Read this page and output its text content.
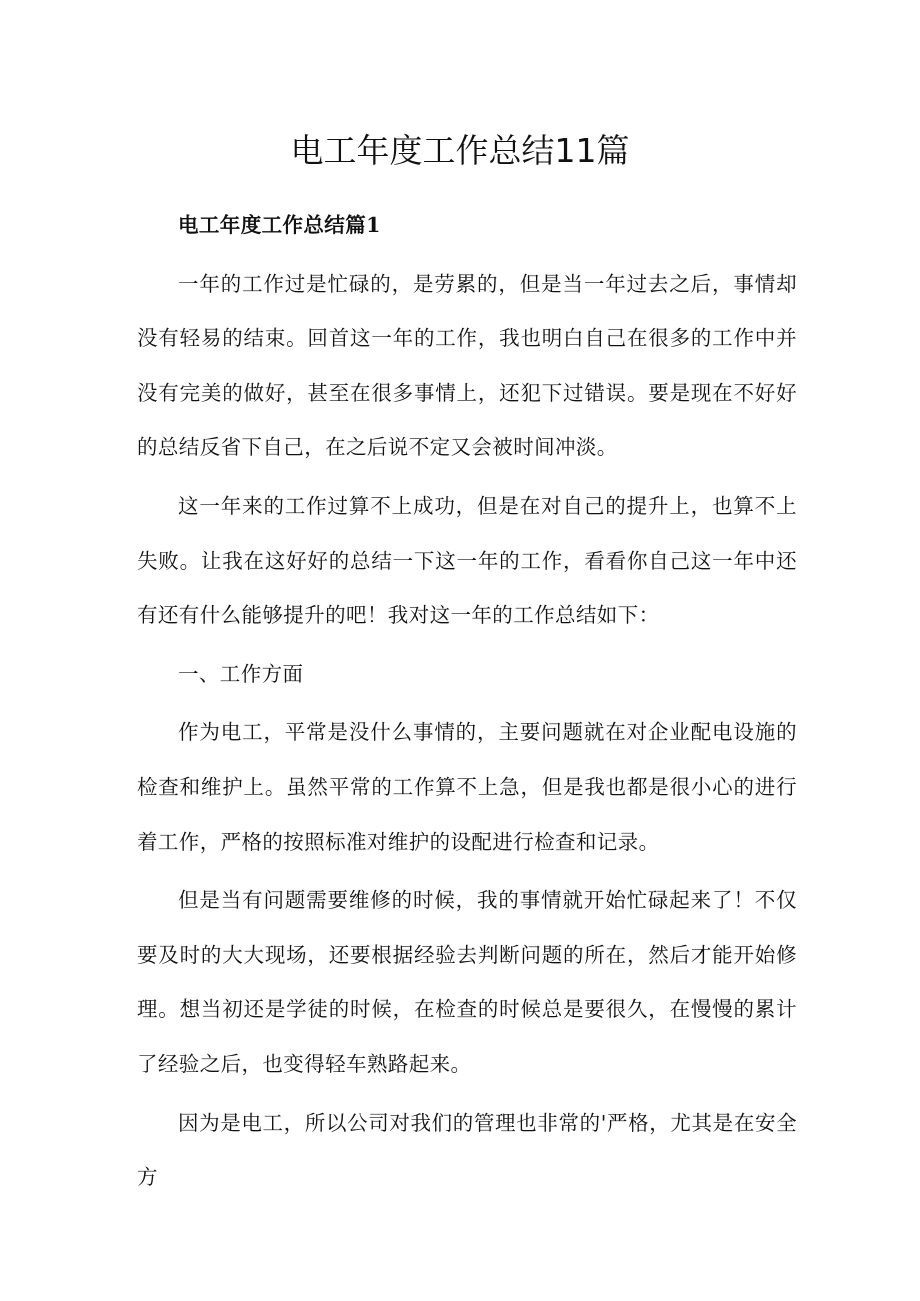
电工年度工作总结11篇

电工年度工作总结篇1

一年的工作过是忙碌的，是劳累的，但是当一年过去之后，事情却没有轻易的结束。回首这一年的工作，我也明白自己在很多的工作中并没有完美的做好，甚至在很多事情上，还犯下过错误。要是现在不好好的总结反省下自己，在之后说不定又会被时间冲淡。

这一年来的工作过算不上成功，但是在对自己的提升上，也算不上失败。让我在这好好的总结一下这一年的工作，看看你自己这一年中还有还有什么能够提升的吧！我对这一年的工作总结如下：

一、工作方面

作为电工，平常是没什么事情的，主要问题就在对企业配电设施的检查和维护上。虽然平常的工作算不上急，但是我也都是很小心的进行着工作，严格的按照标准对维护的设配进行检查和记录。

但是当有问题需要维修的时候，我的事情就开始忙碌起来了！不仅要及时的大大现场，还要根据经验去判断问题的所在，然后才能开始修理。想当初还是学徒的时候，在检查的时候总是要很久，在慢慢的累计了经验之后，也变得轻车熟路起来。

因为是电工，所以公司对我们的管理也非常的'严格，尤其是在安全方
